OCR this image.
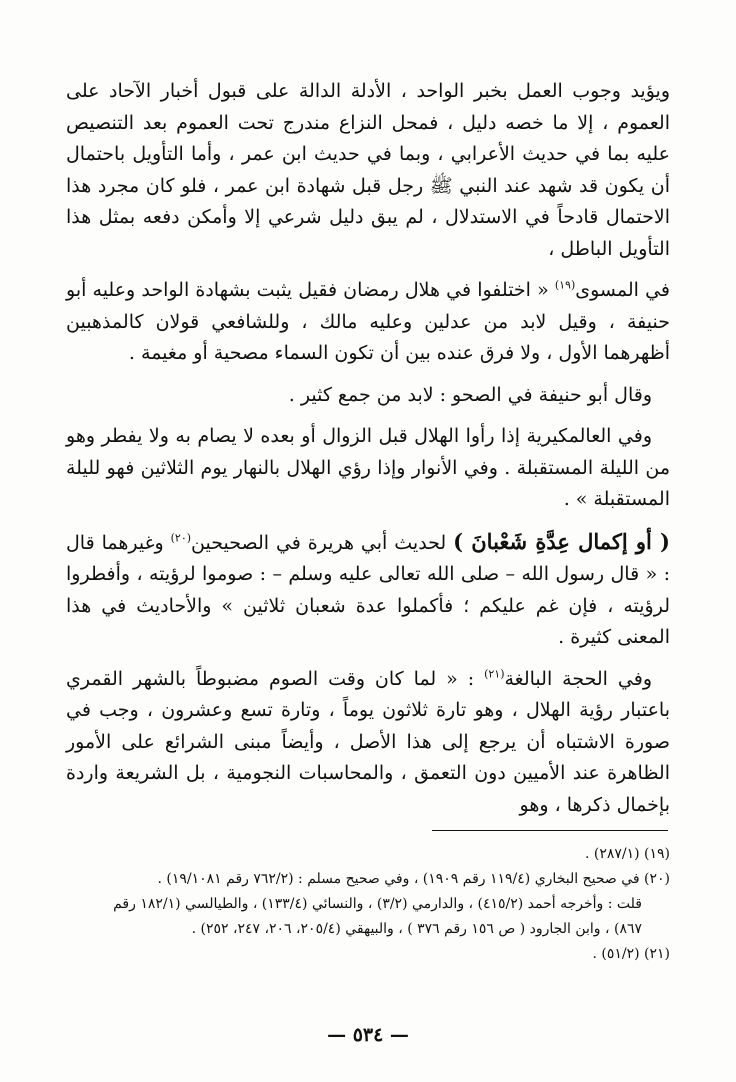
ويؤيد وجوب العمل بخبر الواحد ، الأدلة الدالة على قبول أخبار الآحاد على العموم ، إلا ما خصه دليل ، فمحل النزاع مندرج تحت العموم بعد التنصيص عليه بما في حديث الأعرابي ، وبما في حديث ابن عمر ، وأما التأويل باحتمال أن يكون قد شهد عند النبي ﷺ رجل قبل شهادة ابن عمر ، فلو كان مجرد هذا الاحتمال قادحاً في الاستدلال ، لم يبق دليل شرعي إلا وأمكن دفعه بمثل هذا التأويل الباطل ،

في المسوى$^{(١٩)}$ « اختلفوا في هلال رمضان فقيل يثبت بشهادة الواحد وعليه أبو حنيفة ، وقيل لابد من عدلين وعليه مالك ، وللشافعي قولان كالمذهبين أظهرهما الأول ، ولا فرق عنده بين أن تكون السماء مصحية أو مغيمة .

وقال أبو حنيفة في الصحو : لابد من جمع كثير .

وفي العالمكيرية إذا رأوا الهلال قبل الزوال أو بعده لا يصام به ولا يفطر وهو من الليلة المستقبلة . وفي الأنوار وإذا رؤي الهلال بالنهار يوم الثلاثين فهو لليلة المستقبلة » .

( أو إكمال عِدَّةِ شَعْبانَ ) لحديث أبي هريرة في الصحيحين$^{(٢٠)}$ وغيرهما قال : « قال رسول الله – صلى الله تعالى عليه وسلم – : صوموا لرؤيته ، وأفطروا لرؤيته ، فإن غم عليكم ؛ فأكملوا عدة شعبان ثلاثين » والأحاديث في هذا المعنى كثيرة .

وفي الحجة البالغة$^{(٢١)}$ : « لما كان وقت الصوم مضبوطاً بالشهر القمري باعتبار رؤية الهلال ، وهو تارة ثلاثون يوماً ، وتارة تسع وعشرون ، وجب في صورة الاشتباه أن يرجع إلى هذا الأصل ، وأيضاً مبنى الشرائع على الأمور الظاهرة عند الأميين دون التعمق ، والمحاسبات النجومية ، بل الشريعة واردة بإخمال ذكرها ، وهو

(١٩) (٢٨٧/١) .

(٢٠) في صحيح البخاري (١١٩/٤ رقم ١٩٠٩) ، وفي صحيح مسلم : (٧٦٢/٢ رقم ١٩/١٠٨١) .

قلت : وأخرجه أحمد (٤١٥/٢) ، والدارمي (٣/٢) ، والنسائي (١٣٣/٤) ، والطيالسي (١٨٢/١ رقم ٨٦٧) ، وابن الجارود ( ص ١٥٦ رقم ٣٧٦ ) ، والبيهقي (٢٠٥/٤، ٢٠٦، ٢٤٧، ٢٥٢) .

(٢١) (٥١/٢) .

— ٥٣٤ —
